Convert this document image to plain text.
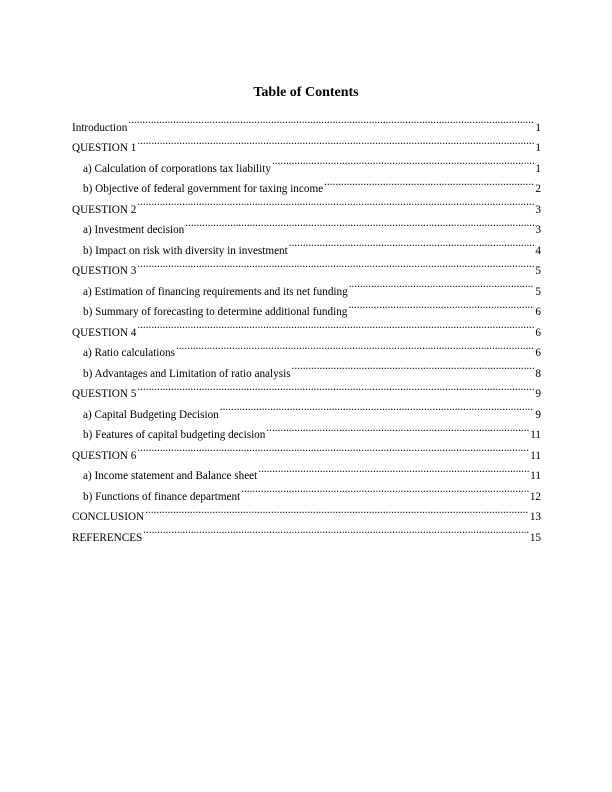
Table of Contents
Introduction .....	1
QUESTION 1 .....	1
a) Calculation of corporations tax liability .....	1
b) Objective of federal government for taxing income .....	2
QUESTION 2 .....	3
a) Investment decision .....	3
b) Impact on risk with diversity in investment .....	4
QUESTION 3 .....	5
a) Estimation of financing requirements and its net funding .....	5
b) Summary of forecasting to determine additional funding .....	6
QUESTION 4 .....	6
a) Ratio calculations .....	6
b) Advantages and Limitation of ratio analysis .....	8
QUESTION 5 .....	9
a) Capital Budgeting Decision .....	9
b) Features of capital budgeting decision .....	11
QUESTION 6 .....	11
a) Income statement and Balance sheet .....	11
b) Functions of finance department .....	12
CONCLUSION .....	13
REFERENCES .....	15
